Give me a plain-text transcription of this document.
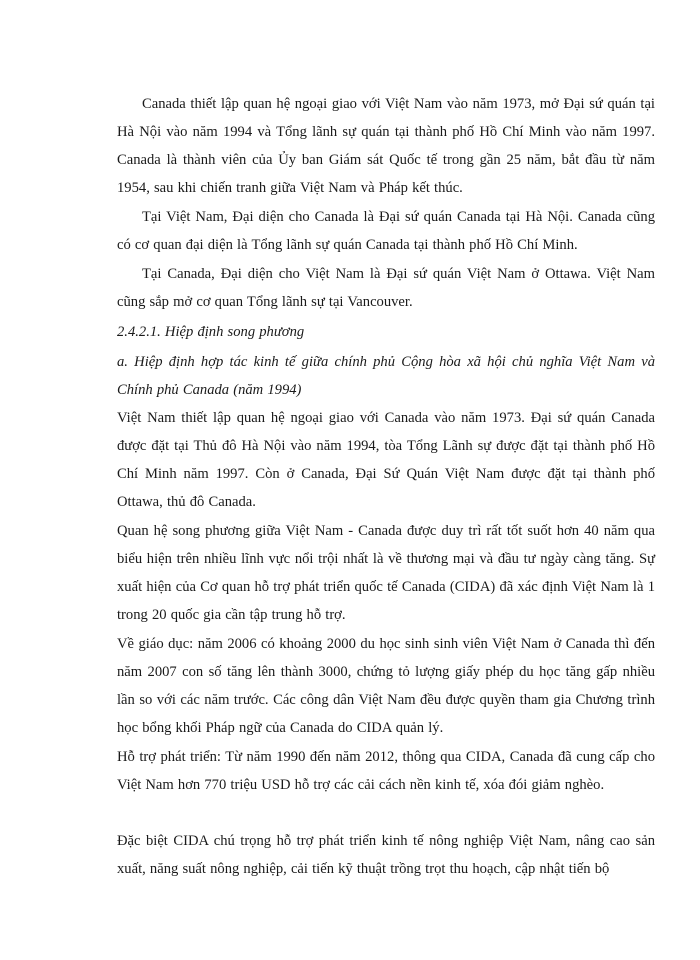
Canada thiết lập quan hệ ngoại giao với Việt Nam vào năm 1973, mở Đại sứ quán tại Hà Nội vào năm 1994 và Tổng lãnh sự quán tại thành phố Hồ Chí Minh vào năm 1997. Canada là thành viên của Ủy ban Giám sát Quốc tế trong gần 25 năm, bắt đầu từ năm 1954, sau khi chiến tranh giữa Việt Nam và Pháp kết thúc.

Tại Việt Nam, Đại diện cho Canada là Đại sứ quán Canada tại Hà Nội. Canada cũng có cơ quan đại diện là Tổng lãnh sự quán Canada tại thành phố Hồ Chí Minh.

Tại Canada, Đại diện cho Việt Nam là Đại sứ quán Việt Nam ở Ottawa. Việt Nam cũng sắp mở cơ quan Tổng lãnh sự tại Vancouver.

2.4.2.1. Hiệp định song phương

a. Hiệp định hợp tác kinh tế giữa chính phủ Cộng hòa xã hội chủ nghĩa Việt Nam và Chính phủ Canada (năm 1994)

Việt Nam thiết lập quan hệ ngoại giao với Canada vào năm 1973. Đại sứ quán Canada được đặt tại Thủ đô Hà Nội vào năm 1994, tòa Tổng Lãnh sự được đặt tại thành phố Hồ Chí Minh năm 1997. Còn ở Canada, Đại Sứ Quán Việt Nam được đặt tại thành phố Ottawa, thủ đô Canada.

Quan hệ song phương giữa Việt Nam - Canada được duy trì rất tốt suốt hơn 40 năm qua biểu hiện trên nhiều lĩnh vực nổi trội nhất là về thương mại và đầu tư ngày càng tăng. Sự xuất hiện của Cơ quan hỗ trợ phát triển quốc tế Canada (CIDA) đã xác định Việt Nam là 1 trong 20 quốc gia cần tập trung hỗ trợ.

Về giáo dục: năm 2006 có khoảng 2000 du học sinh sinh viên Việt Nam ở Canada thì đến năm 2007 con số tăng lên thành 3000, chứng tỏ lượng giấy phép du học tăng gấp nhiều lần so với các năm trước. Các công dân Việt Nam đều được quyền tham gia Chương trình học bổng khối Pháp ngữ của Canada do CIDA quản lý.

Hỗ trợ phát triển: Từ năm 1990 đến năm 2012, thông qua CIDA, Canada đã cung cấp cho Việt Nam hơn 770 triệu USD hỗ trợ các cải cách nền kinh tế, xóa đói giảm nghèo.

Đặc biệt CIDA chú trọng hỗ trợ phát triển kinh tế nông nghiệp Việt Nam, nâng cao sản xuất, năng suất nông nghiệp, cải tiến kỹ thuật trồng trọt thu hoạch, cập nhật tiến bộ
